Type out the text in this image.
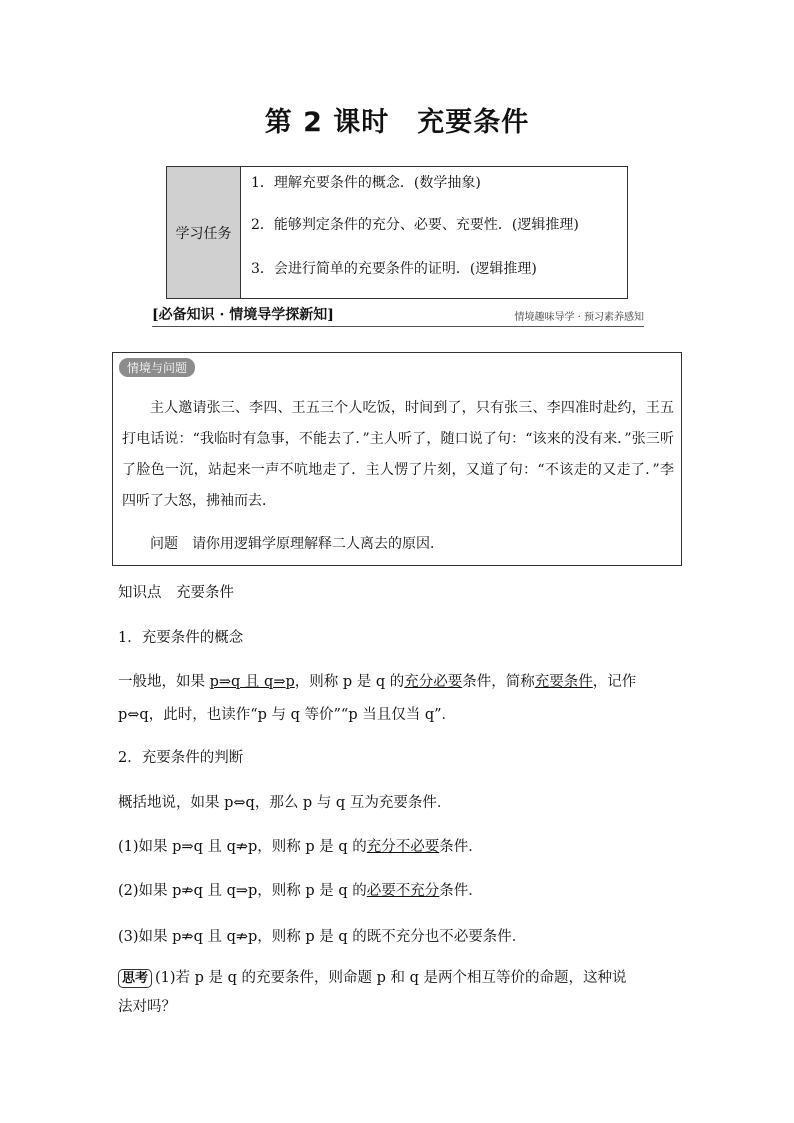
第 2 课时　充要条件
学习任务
1．理解充要条件的概念．(数学抽象)
2．能够判定条件的充分、必要、充要性．(逻辑推理)
3．会进行简单的充要条件的证明．(逻辑推理)
[必备知识 · 情境导学探新知]	情境趣味导学 · 预习素养感知
情境与问题

主人邀请张三、李四、王五三个人吃饭，时间到了，只有张三、李四准时赴约，王五打电话说：“我临时有急事，不能去了．”主人听了，随口说了句：“该来的没有来．”张三听了脸色一沉，站起来一声不吭地走了．主人愣了片刻，又道了句：“不该走的又走了．”李四听了大怒，拂袖而去．

问题　请你用逻辑学原理解释二人离去的原因．
知识点　充要条件
1．充要条件的概念
一般地，如果 p⇒q 且 q⇒p，则称 p 是 q 的充分必要条件，简称充要条件，记作
p⇔q，此时，也读作“p 与 q 等价”“p 当且仅当 q”．
2．充要条件的判断
概括地说，如果 p⇔q，那么 p 与 q 互为充要条件．
(1)如果 p⇒q 且 q⇏p，则称 p 是 q 的充分不必要条件．
(2)如果 p⇏q 且 q⇒p，则称 p 是 q 的必要不充分条件．
(3)如果 p⇏q 且 q⇏p，则称 p 是 q 的既不充分也不必要条件．
思考 (1)若 p 是 q 的充要条件，则命题 p 和 q 是两个相互等价的命题，这种说
法对吗？
